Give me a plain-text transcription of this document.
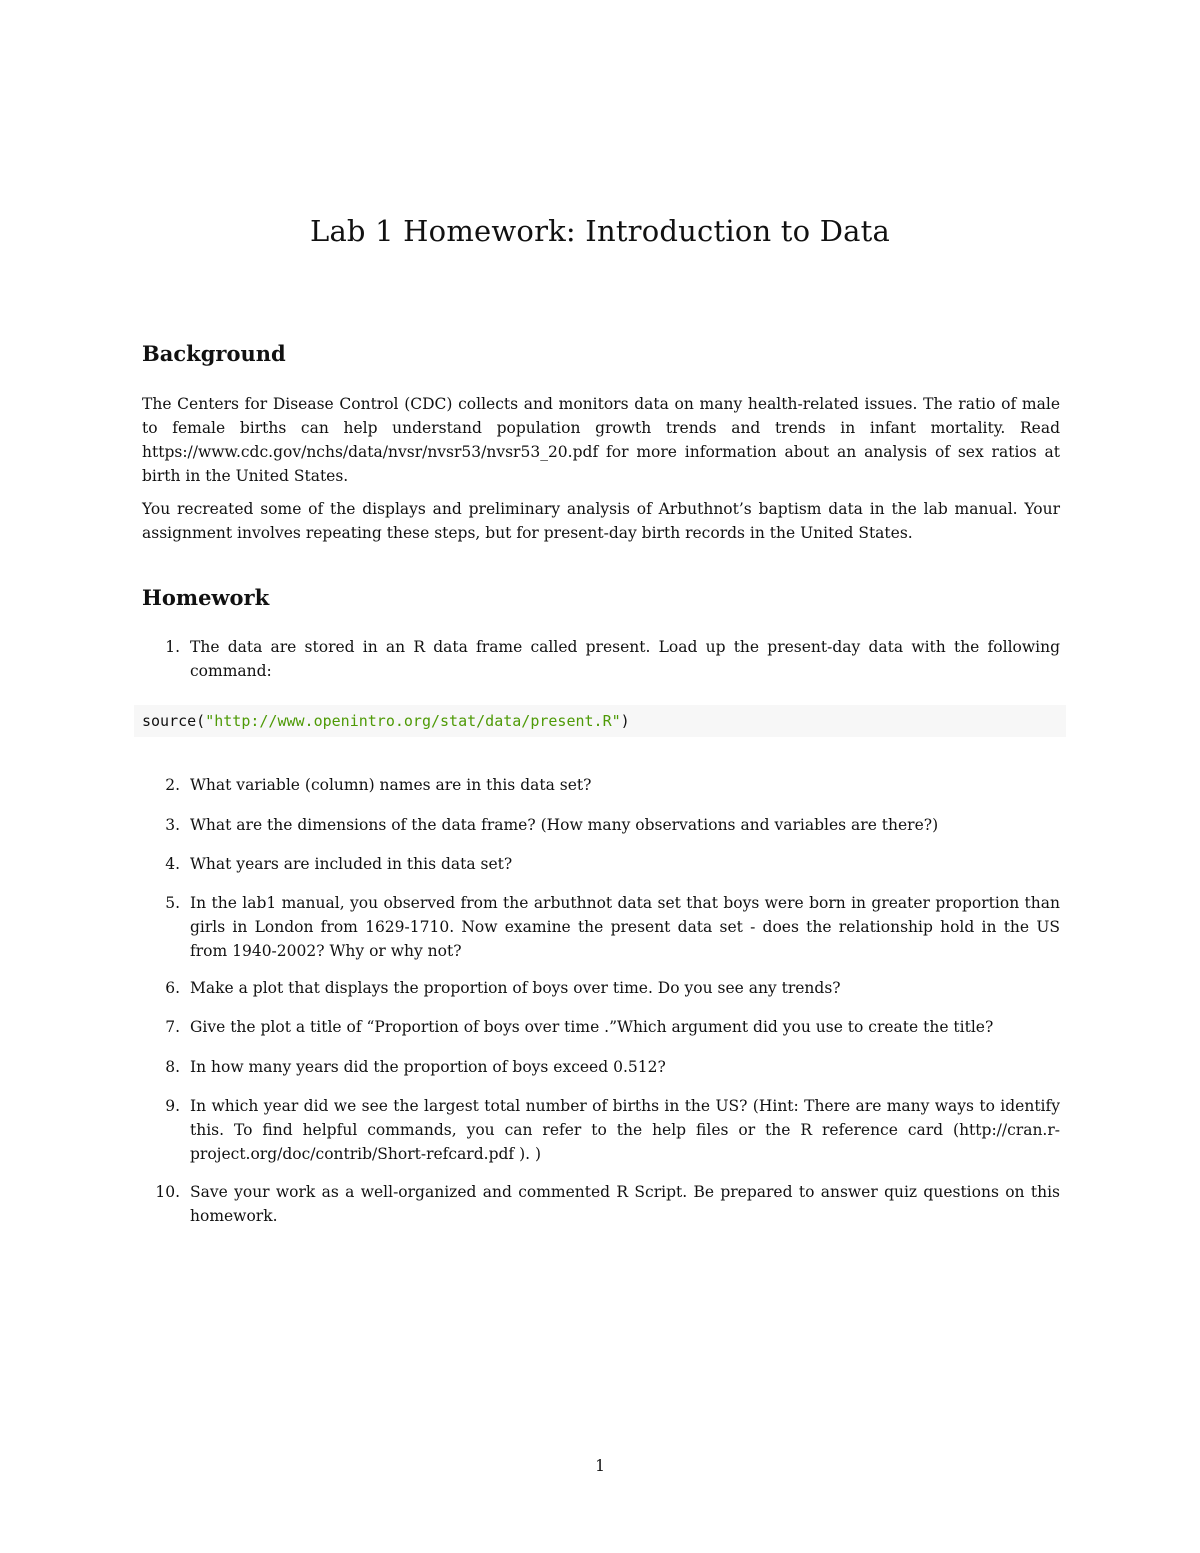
Lab 1 Homework: Introduction to Data
Background

The Centers for Disease Control (CDC) collects and monitors data on many health-related issues. The ratio of male to female births can help understand population growth trends and trends in infant mortality. Read https://www.cdc.gov/nchs/data/nvsr/nvsr53/nvsr53_20.pdf for more information about an analysis of sex ratios at birth in the United States.

You recreated some of the displays and preliminary analysis of Arbuthnot’s baptism data in the lab manual. Your assignment involves repeating these steps, but for present-day birth records in the United States.

Homework
1. The data are stored in an R data frame called present. Load up the present-day data with the following command:
source("http://www.openintro.org/stat/data/present.R")
2. What variable (column) names are in this data set?
3. What are the dimensions of the data frame? (How many observations and variables are there?)
4. What years are included in this data set?
5. In the lab1 manual, you observed from the arbuthnot data set that boys were born in greater proportion than girls in London from 1629-1710. Now examine the present data set - does the relationship hold in the US from 1940-2002? Why or why not?
6. Make a plot that displays the proportion of boys over time. Do you see any trends?
7. Give the plot a title of “Proportion of boys over time .”Which argument did you use to create the title?
8. In how many years did the proportion of boys exceed 0.512?
9. In which year did we see the largest total number of births in the US? (Hint: There are many ways to identify this. To find helpful commands, you can refer to the help files or the R reference card (http://cran.r-project.org/doc/contrib/Short-refcard.pdf ). )
10. Save your work as a well-organized and commented R Script. Be prepared to answer quiz questions on this homework.
1
